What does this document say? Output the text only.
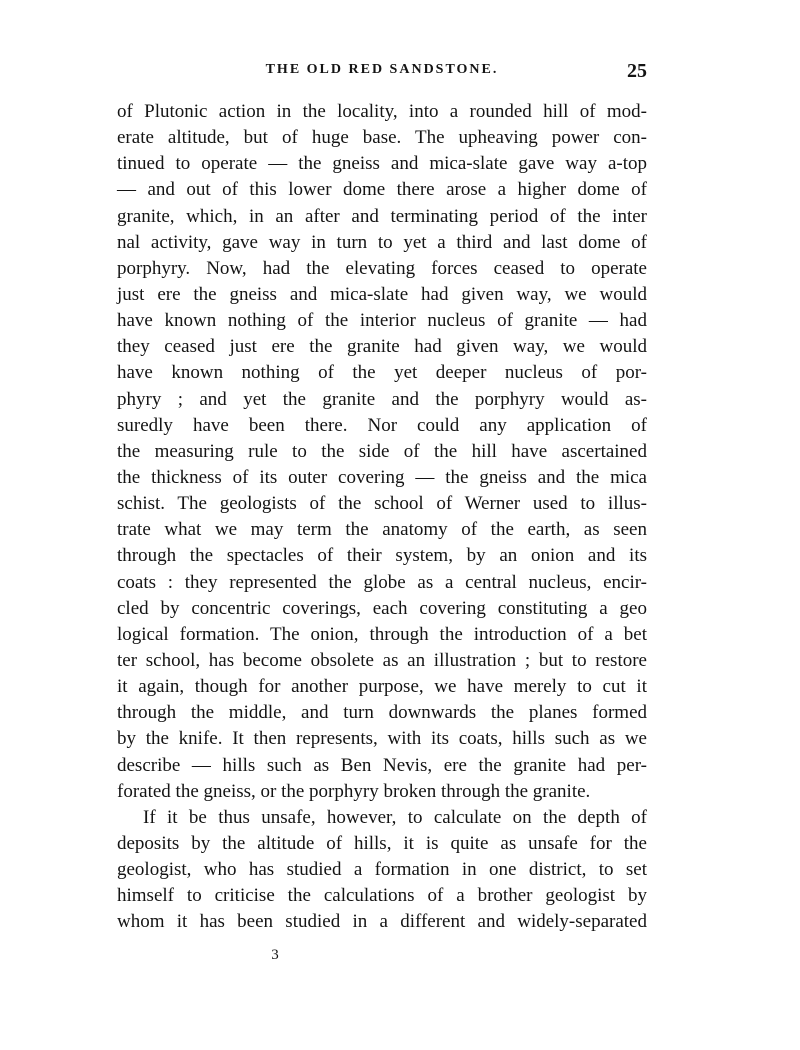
THE OLD RED SANDSTONE.	25
of Plutonic action in the locality, into a rounded hill of mod-
erate altitude, but of huge base. The upheaving power con-
tinued to operate — the gneiss and mica-slate gave way a-top
— and out of this lower dome there arose a higher dome of
granite, which, in an after and terminating period of the inter
nal activity, gave way in turn to yet a third and last dome of
porphyry. Now, had the elevating forces ceased to operate
just ere the gneiss and mica-slate had given way, we would
have known nothing of the interior nucleus of granite — had
they ceased just ere the granite had given way, we would
have known nothing of the yet deeper nucleus of por-
phyry ; and yet the granite and the porphyry would as-
suredly have been there. Nor could any application of
the measuring rule to the side of the hill have ascertained
the thickness of its outer covering — the gneiss and the mica
schist. The geologists of the school of Werner used to illus-
trate what we may term the anatomy of the earth, as seen
through the spectacles of their system, by an onion and its
coats : they represented the globe as a central nucleus, encir-
cled by concentric coverings, each covering constituting a geo
logical formation. The onion, through the introduction of a bet
ter school, has become obsolete as an illustration ; but to restore
it again, though for another purpose, we have merely to cut it
through the middle, and turn downwards the planes formed
by the knife. It then represents, with its coats, hills such as we
describe — hills such as Ben Nevis, ere the granite had per-
forated the gneiss, or the porphyry broken through the granite.
If it be thus unsafe, however, to calculate on the depth of
deposits by the altitude of hills, it is quite as unsafe for the
geologist, who has studied a formation in one district, to set
himself to criticise the calculations of a brother geologist by
whom it has been studied in a different and widely-separated
3
